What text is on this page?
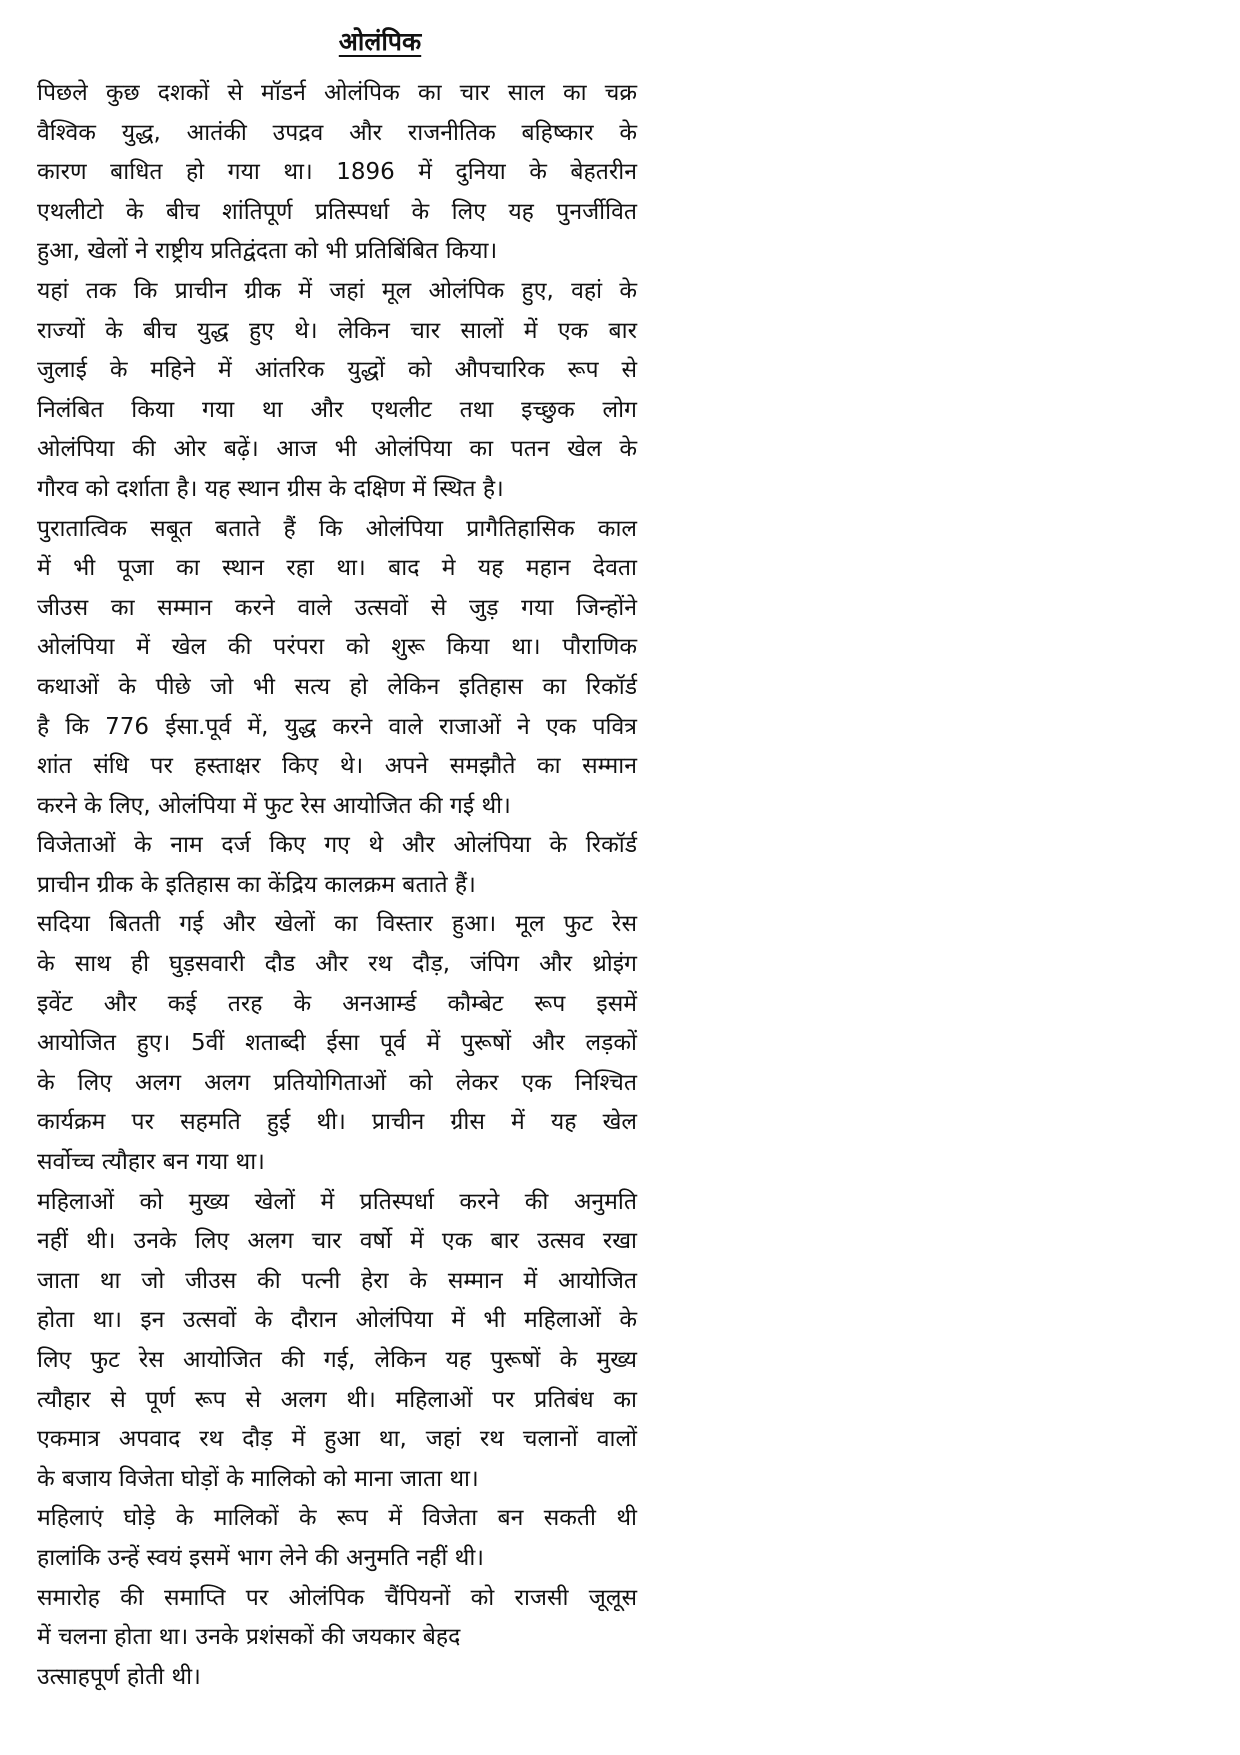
ओलंपिक
पिछले कुछ दशकों से मॉडर्न ओलंपिक का चार साल का चक्र
वैश्विक युद्ध, आतंकी उपद्रव और राजनीतिक बहिष्कार के
कारण बाधित हो गया था। 1896 में दुनिया के बेहतरीन
एथलीटो के बीच शांतिपूर्ण प्रतिस्पर्धा के लिए यह पुनर्जीवित
हुआ, खेलों ने राष्ट्रीय प्रतिद्वंदता को भी प्रतिबिंबित किया।
यहां तक कि प्राचीन ग्रीक में जहां मूल ओलंपिक हुए, वहां के
राज्यों के बीच युद्ध हुए थे। लेकिन चार सालों में एक बार
जुलाई के महिने में आंतरिक युद्धों को औपचारिक रूप से
निलंबित किया गया था और एथलीट तथा इच्छुक लोग
ओलंपिया की ओर बढ़ें। आज भी ओलंपिया का पतन खेल के
गौरव को दर्शाता है। यह स्थान ग्रीस के दक्षिण में स्थित है।
पुरातात्विक सबूत बताते हैं कि ओलंपिया प्रागैतिहासिक काल
में भी पूजा का स्थान रहा था। बाद मे यह महान देवता
जीउस का सम्मान करने वाले उत्सवों से जुड़ गया जिन्होंने
ओलंपिया में खेल की परंपरा को शुरू किया था। पौराणिक
कथाओं के पीछे जो भी सत्य हो लेकिन इतिहास का रिकॉर्ड
है कि 776 ईसा.पूर्व में, युद्ध करने वाले राजाओं ने एक पवित्र
शांत संधि पर हस्ताक्षर किए थे। अपने समझौते का सम्मान
करने के लिए, ओलंपिया में फुट रेस आयोजित की गई थी।
विजेताओं के नाम दर्ज किए गए थे और ओलंपिया के रिकॉर्ड
प्राचीन ग्रीक के इतिहास का केंद्रिय कालक्रम बताते हैं।
सदिया बितती गई और खेलों का विस्तार हुआ। मूल फुट रेस
के साथ ही घुड़सवारी दौड और रथ दौड़, जंपिग और थ्रोइंग
इवेंट और कई तरह के अनआर्म्ड कौम्बेट रूप इसमें
आयोजित हुए। 5वीं शताब्दी ईसा पूर्व में पुरूषों और लड़कों
के लिए अलग अलग प्रतियोगिताओं को लेकर एक निश्चित
कार्यक्रम पर सहमति हुई थी। प्राचीन ग्रीस में यह खेल
सर्वोच्च त्यौहार बन गया था।
महिलाओं को मुख्य खेलों में प्रतिस्पर्धा करने की अनुमति
नहीं थी। उनके लिए अलग चार वर्षो में एक बार उत्सव रखा
जाता था जो जीउस की पत्नी हेरा के सम्मान में आयोजित
होता था। इन उत्सवों के दौरान ओलंपिया में भी महिलाओं के
लिए फुट रेस आयोजित की गई, लेकिन यह पुरूषों के मुख्य
त्यौहार से पूर्ण रूप से अलग थी। महिलाओं पर प्रतिबंध का
एकमात्र अपवाद रथ दौड़ में हुआ था, जहां रथ चलानों वालों
के बजाय विजेता घोड़ों के मालिको को माना जाता था।
महिलाएं घोड़े के मालिकों के रूप में विजेता बन सकती थी
हालांकि उन्हें स्वयं इसमें भाग लेने की अनुमति नहीं थी।
समारोह की समाप्ति पर ओलंपिक चैंपियनों को राजसी जूलूस
में चलना होता था। उनके प्रशंसकों की जयकार बेहद
उत्साहपूर्ण होती थी।
